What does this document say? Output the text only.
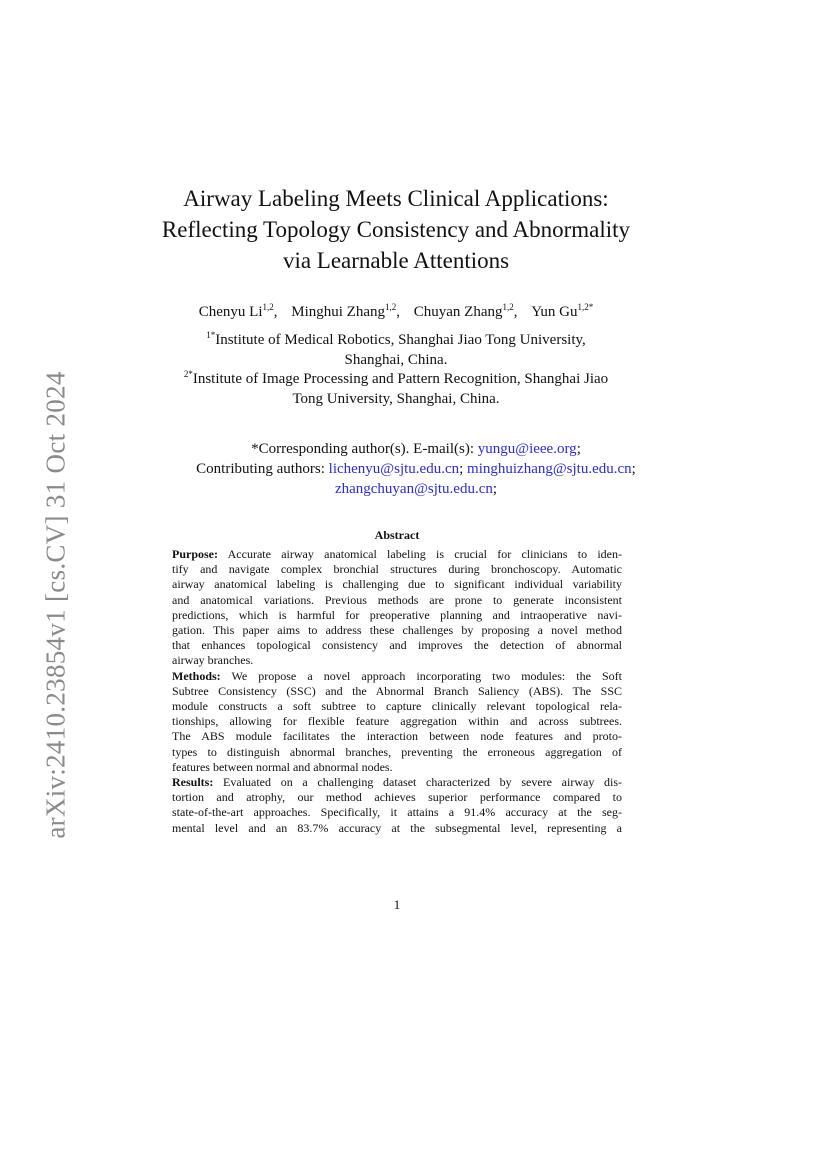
arXiv:2410.23854v1 [cs.CV] 31 Oct 2024
Airway Labeling Meets Clinical Applications:
Reflecting Topology Consistency and Abnormality
via Learnable Attentions
Chenyu Li$^{1,2}$, Minghui Zhang$^{1,2}$, Chuyan Zhang$^{1,2}$, Yun $Gu^{1,2*}$
$^{1*}$Institute of Medical Robotics, Shanghai Jiao Tong University,
Shanghai, China.
$^{2*}$Institute of Image Processing and Pattern Recognition, Shanghai Jiao
Tong University, Shanghai, China.
*Corresponding author(s). E-mail(s): yungu@ieee.org;
Contributing authors: lichenyu@sjtu.edu.cn; minghuizhang@sjtu.edu.cn;
zhangchuyan@sjtu.edu.cn;
Abstract

Purpose: Accurate airway anatomical labeling is crucial for clinicians to iden-
tify and navigate complex bronchial structures during bronchoscopy. Automatic
airway anatomical labeling is challenging due to significant individual variability
and anatomical variations. Previous methods are prone to generate inconsistent
predictions, which is harmful for preoperative planning and intraoperative navi-
gation. This paper aims to address these challenges by proposing a novel method
that enhances topological consistency and improves the detection of abnormal
airway branches.

Methods: We propose a novel approach incorporating two modules: the Soft
Subtree Consistency (SSC) and the Abnormal Branch Saliency (ABS). The SSC
module constructs a soft subtree to capture clinically relevant topological rela-
tionships, allowing for flexible feature aggregation within and across subtrees.
The ABS module facilitates the interaction between node features and proto-
types to distinguish abnormal branches, preventing the erroneous aggregation of
features between normal and abnormal nodes.

Results: Evaluated on a challenging dataset characterized by severe airway dis-
tortion and atrophy, our method achieves superior performance compared to
state-of-the-art approaches. Specifically, it attains a 91.4% accuracy at the seg-
mental level and an 83.7% accuracy at the subsegmental level, representing a

1
